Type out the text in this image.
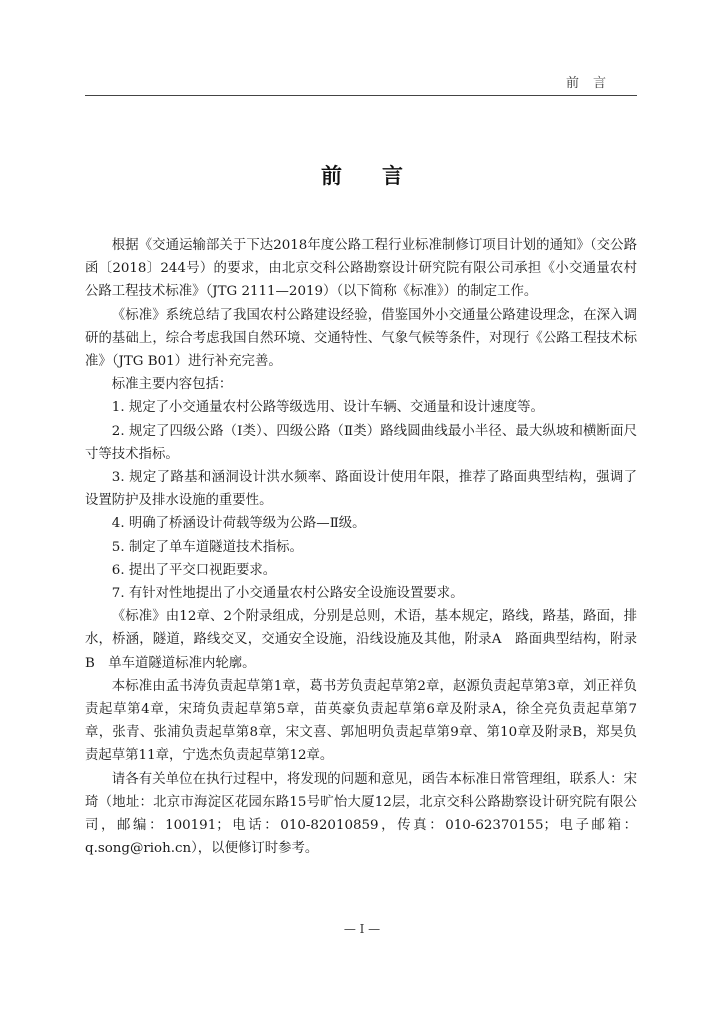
前言
前言

根据《交通运输部关于下达2018年度公路工程行业标准制修订项目计划的通知》（交公路函〔2018〕244号）的要求，由北京交科公路勘察设计研究院有限公司承担《小交通量农村公路工程技术标准》（JTG 2111—2019）（以下简称《标准》）的制定工作。

《标准》系统总结了我国农村公路建设经验，借鉴国外小交通量公路建设理念，在深入调研的基础上，综合考虑我国自然环境、交通特性、气象气候等条件，对现行《公路工程技术标准》（JTG B01）进行补充完善。

标准主要内容包括：

1. 规定了小交通量农村公路等级选用、设计车辆、交通量和设计速度等。

2. 规定了四级公路（Ⅰ类）、四级公路（Ⅱ类）路线圆曲线最小半径、最大纵坡和横断面尺寸等技术指标。

3. 规定了路基和涵洞设计洪水频率、路面设计使用年限，推荐了路面典型结构，强调了设置防护及排水设施的重要性。

4. 明确了桥涵设计荷载等级为公路—Ⅱ级。

5. 制定了单车道隧道技术指标。

6. 提出了平交口视距要求。

7. 有针对性地提出了小交通量农村公路安全设施设置要求。

《标准》由12章、2个附录组成，分别是总则，术语，基本规定，路线，路基，路面，排水，桥涵，隧道，路线交叉，交通安全设施，沿线设施及其他，附录A　路面典型结构，附录B　单车道隧道标准内轮廓。

本标准由孟书涛负责起草第1章，葛书芳负责起草第2章，赵源负责起草第3章，刘正祥负责起草第4章，宋琦负责起草第5章，苗英豪负责起草第6章及附录A，徐全亮负责起草第7章，张青、张浦负责起草第8章，宋文喜、郭旭明负责起草第9章、第10章及附录B，郑昊负责起草第11章，宁选杰负责起草第12章。

请各有关单位在执行过程中，将发现的问题和意见，函告本标准日常管理组，联系人：宋琦（地址：北京市海淀区花园东路15号旷怡大厦12层，北京交科公路勘察设计研究院有限公司，邮编：100191；电话：010-82010859，传真：010-62370155；电子邮箱：q.song@rioh.cn），以便修订时参考。

— Ⅰ —
